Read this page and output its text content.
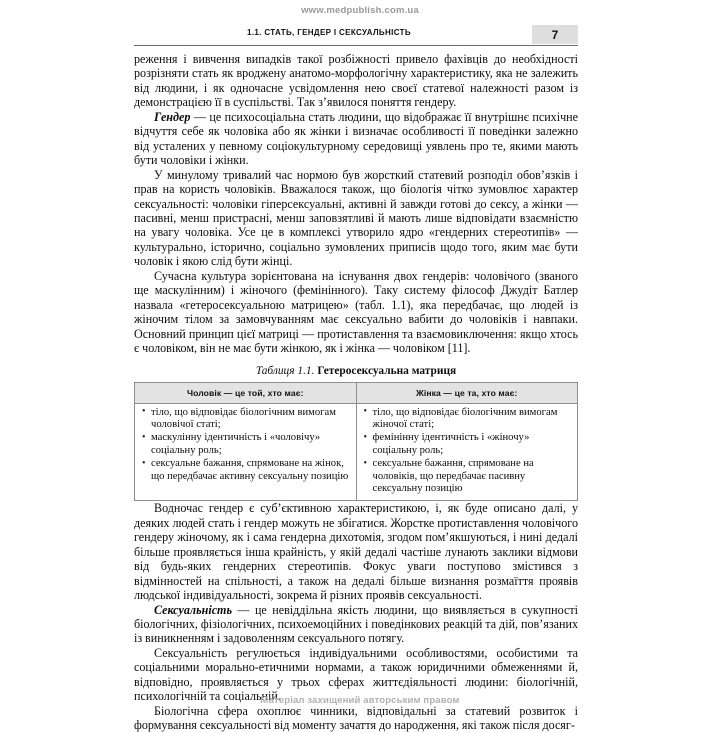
www.medpublish.com.ua
1.1. СТАТЬ, ГЕНДЕР І СЕКСУАЛЬНІСТЬ	7

реження і вивчення випадків такої розбіжності привело фахівців до необхідності розрізняти стать як вроджену анатомо-морфологічну характеристику, яка не залежить від людини, і як одночасне усвідомлення нею своєї статевої належності разом із демонстрацією її в суспільстві. Так з’явилося поняття гендеру.

Гендер — це психосоціальна стать людини, що відображає її внутрішнє психічне відчуття себе як чоловіка або як жінки і визначає особливості її поведінки залежно від усталених у певному соціокультурному середовищі уявлень про те, якими мають бути чоловіки і жінки.

У минулому тривалий час нормою був жорсткий статевий розподіл обов’язків і прав на користь чоловіків. Вважалося також, що біологія чітко зумовлює характер сексуальності: чоловіки гіперсексуальні, активні й завжди готові до сексу, а жінки — пасивні, менш пристрасні, менш заповзятливі й мають лише відповідати взаємністю на увагу чоловіка. Усе це в комплексі утворило ядро «гендерних стереотипів» — культурально, історично, соціально зумовлених приписів щодо того, яким має бути чоловік і якою слід бути жінці.

Сучасна культура зорієнтована на існування двох гендерів: чоловічого (званого ще маскулінним) і жіночого (фемінінного). Таку систему філософ Джудіт Батлер назвала «гетеросексуальною матрицею» (табл. 1.1), яка передбачає, що людей із жіночим тілом за замовчуванням має сексуально вабити до чоловіків і навпаки. Основний принцип цієї матриці — протиставлення та взаємовиключення: якщо хтось є чоловіком, він не має бути жінкою, як і жінка — чоловіком [11].

Таблиця 1.1. Гетеросексуальна матриця
Чоловік — це той, хто має:	Жінка — це та, хто має:

• тіло, що відповідає біологічним вимогам чоловічої статі;
• маскулінну ідентичність і «чоловічу» соціальну роль;
• сексуальне бажання, спрямоване на жінок, що передбачає активну сексуальну позицію

• тіло, що відповідає біологічним вимогам жіночої статі;
• фемінінну ідентичність і «жіночу» соціальну роль;
• сексуальне бажання, спрямоване на чоловіків, що передбачає пасивну сексуальну позицію

Водночас гендер є суб’єктивною характеристикою, і, як буде описано далі, у деяких людей стать і гендер можуть не збігатися. Жорстке протиставлення чоловічого гендеру жіночому, як і сама гендерна дихотомія, згодом пом’якшуються, і нині дедалі більше проявляється інша крайність, у якій дедалі частіше лунають заклики відмови від будь-яких гендерних стереотипів. Фокус уваги поступово змістився з відмінностей на спільності, а також на дедалі більше визнання розмаїття проявів людської індивідуальності, зокрема й різних проявів сексуальності.

Сексуальність — це невіддільна якість людини, що виявляється в сукупності біологічних, фізіологічних, психоемоційних і поведінкових реакцій та дій, пов’язаних із виникненням і задоволенням сексуального потягу.

Сексуальність регулюється індивідуальними особливостями, особистими та соціальними морально-етичними нормами, а також юридичними обмеженнями й, відповідно, проявляється у трьох сферах життєдіяльності людини: біологічній, психологічній та соціальній.

Біологічна сфера охоплює чинники, відповідальні за статевий розвиток і формування сексуальності від моменту зачаття до народження, які також після досяг-

Матеріал захищений авторським правом
